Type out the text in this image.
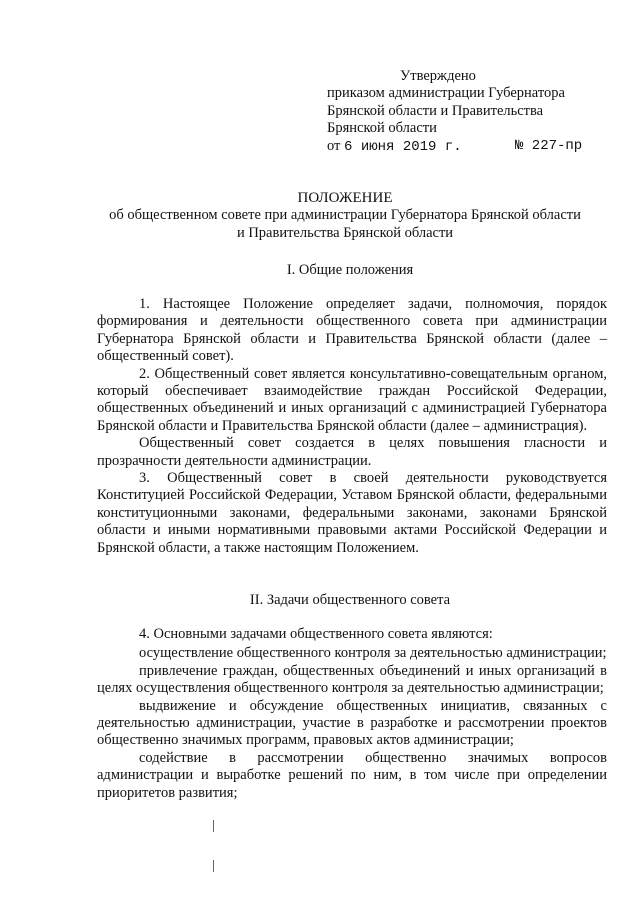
Утверждено
приказом администрации Губернатора
Брянской области и Правительства
Брянской области
от 6 июня 2019 г.	№ 227-пр
ПОЛОЖЕНИЕ
об общественном совете при администрации Губернатора Брянской области
и Правительства Брянской области
I. Общие положения

1. Настоящее Положение определяет задачи, полномочия, порядок формирования и деятельности общественного совета при администрации Губернатора Брянской области и Правительства Брянской области (далее – общественный совет).

2. Общественный совет является консультативно-совещательным органом, который обеспечивает взаимодействие граждан Российской Федерации, общественных объединений и иных организаций с администрацией Губернатора Брянской области и Правительства Брянской области (далее – администрация).

Общественный совет создается в целях повышения гласности и прозрачности деятельности администрации.

3. Общественный совет в своей деятельности руководствуется Конституцией Российской Федерации, Уставом Брянской области, федеральными конституционными законами, федеральными законами, законами Брянской области и иными нормативными правовыми актами Российской Федерации и Брянской области, а также настоящим Положением.

II. Задачи общественного совета

4. Основными задачами общественного совета являются:

осуществление общественного контроля за деятельностью администрации;

привлечение граждан, общественных объединений и иных организаций в целях осуществления общественного контроля за деятельностью администрации;

выдвижение и обсуждение общественных инициатив, связанных с деятельностью администрации, участие в разработке и рассмотрении проектов общественно значимых программ, правовых актов администрации;

содействие в рассмотрении общественно значимых вопросов администрации и выработке решений по ним, в том числе при определении приоритетов развития;
